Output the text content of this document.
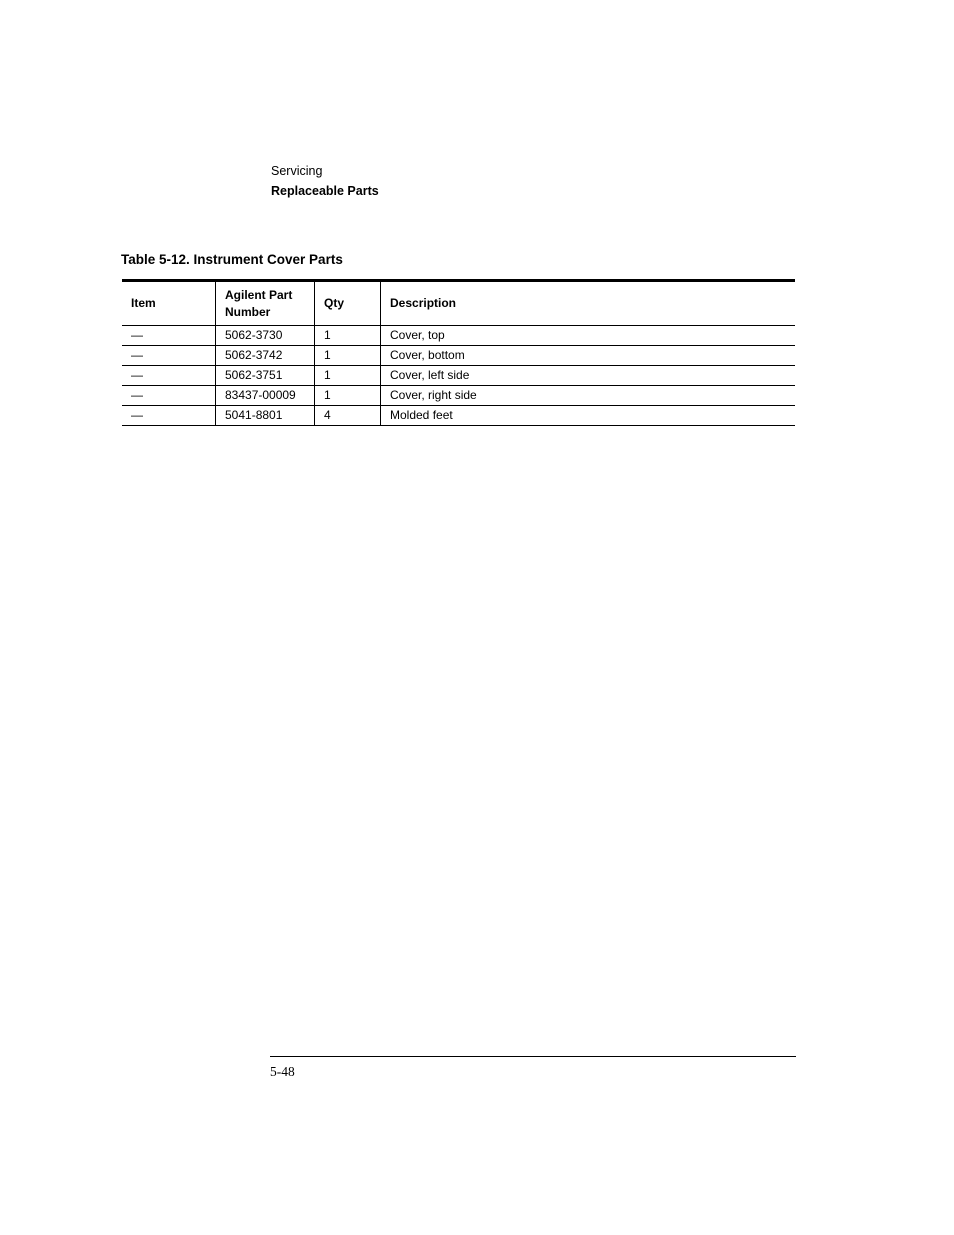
Servicing
Replaceable Parts
Table 5-12. Instrument Cover Parts
Item	Agilent Part Number	Qty	Description
—	5062-3730	1	Cover, top
—	5062-3742	1	Cover, bottom
—	5062-3751	1	Cover, left side
—	83437-00009	1	Cover, right side
—	5041-8801	4	Molded feet
5-48
